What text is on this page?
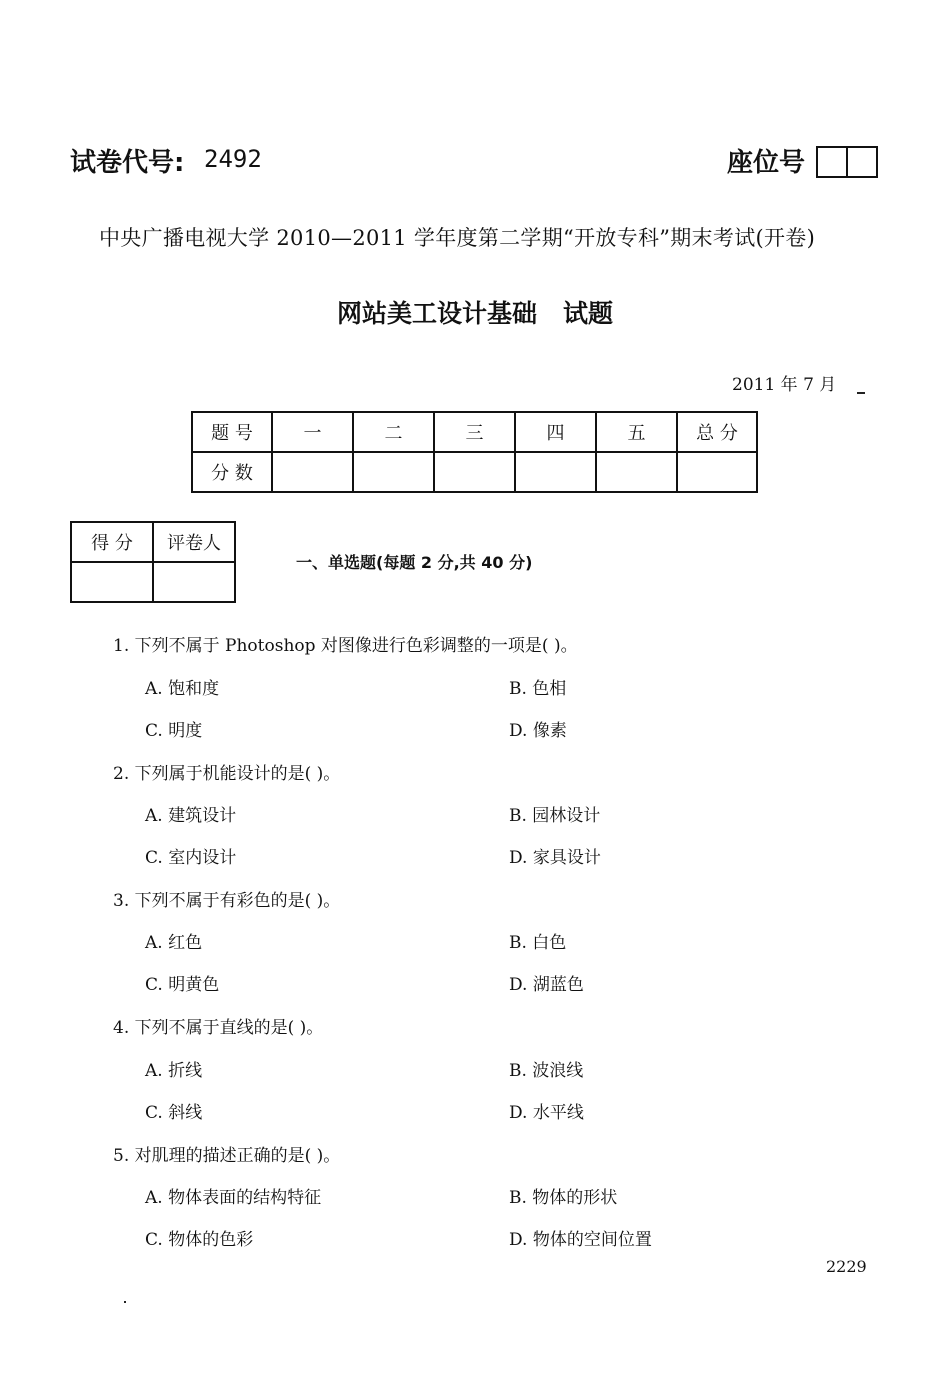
试卷代号: 2492	座位号
中央广播电视大学 2010—2011 学年度第二学期“开放专科”期末考试(开卷)
网站美工设计基础   试题
2011 年 7 月
题 号	一	二	三	四	五	总 分
分 数						
得 分	评卷人

一、单选题(每题 2 分,共 40 分)
1. 下列不属于 Photoshop 对图像进行色彩调整的一项是( )。
A. 饱和度	B. 色相
C. 明度	D. 像素
2. 下列属于机能设计的是( )。
A. 建筑设计	B. 园林设计
C. 室内设计	D. 家具设计
3. 下列不属于有彩色的是( )。
A. 红色	B. 白色
C. 明黄色	D. 湖蓝色
4. 下列不属于直线的是( )。
A. 折线	B. 波浪线
C. 斜线	D. 水平线
5. 对肌理的描述正确的是( )。
A. 物体表面的结构特征	B. 物体的形状
C. 物体的色彩	D. 物体的空间位置
2229
